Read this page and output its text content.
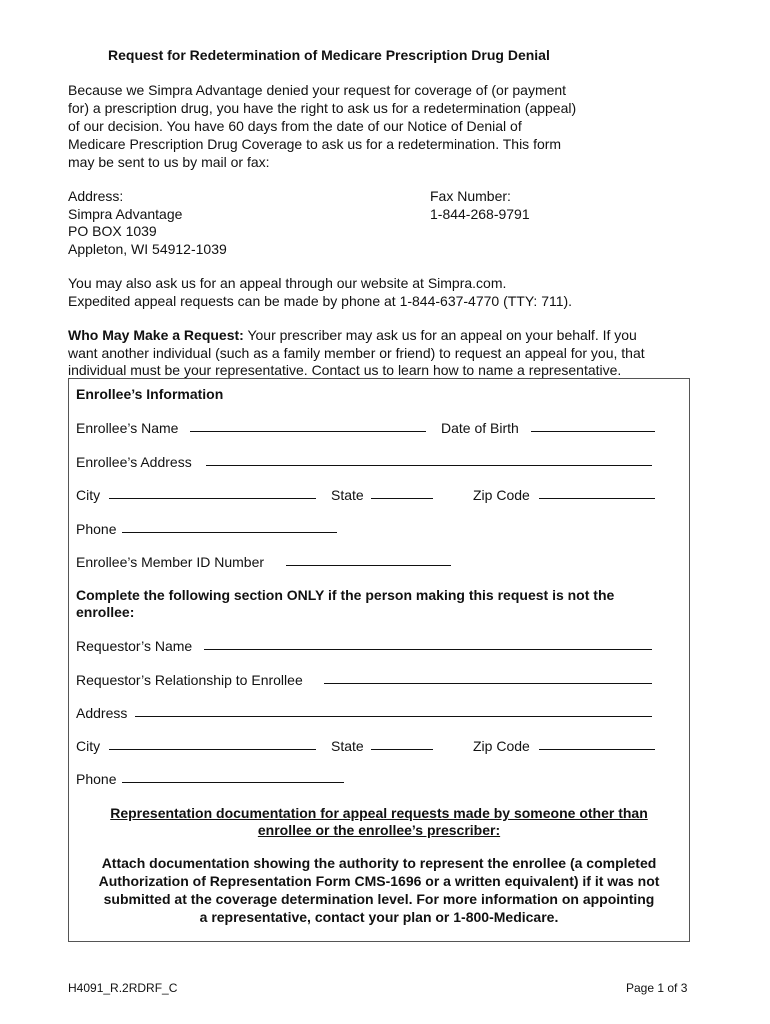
Request for Redetermination of Medicare Prescription Drug Denial
Because we Simpra Advantage denied your request for coverage of (or payment
for) a prescription drug, you have the right to ask us for a redetermination (appeal)
of our decision. You have 60 days from the date of our Notice of Denial of
Medicare Prescription Drug Coverage to ask us for a redetermination. This form
may be sent to us by mail or fax:
Address:
Simpra Advantage
PO BOX 1039
Appleton, WI 54912-1039
Fax Number:
1-844-268-9791
You may also ask us for an appeal through our website at Simpra.com.
Expedited appeal requests can be made by phone at 1-844-637-4770 (TTY: 711).
Who May Make a Request: Your prescriber may ask us for an appeal on your behalf. If you
want another individual (such as a family member or friend) to request an appeal for you, that
individual must be your representative. Contact us to learn how to name a representative.
Enrollee’s Information
Enrollee’s Name	Date of Birth
Enrollee’s Address
City	State	Zip Code
Phone
Enrollee’s Member ID Number
Complete the following section ONLY if the person making this request is not the
enrollee:
Requestor’s Name
Requestor’s Relationship to Enrollee
Address
City	State	Zip Code
Phone
Representation documentation for appeal requests made by someone other than
enrollee or the enrollee’s prescriber:
Attach documentation showing the authority to represent the enrollee (a completed
Authorization of Representation Form CMS-1696 or a written equivalent) if it was not
submitted at the coverage determination level. For more information on appointing
a representative, contact your plan or 1-800-Medicare.
H4091_R.2RDRF_C	Page 1 of 3
